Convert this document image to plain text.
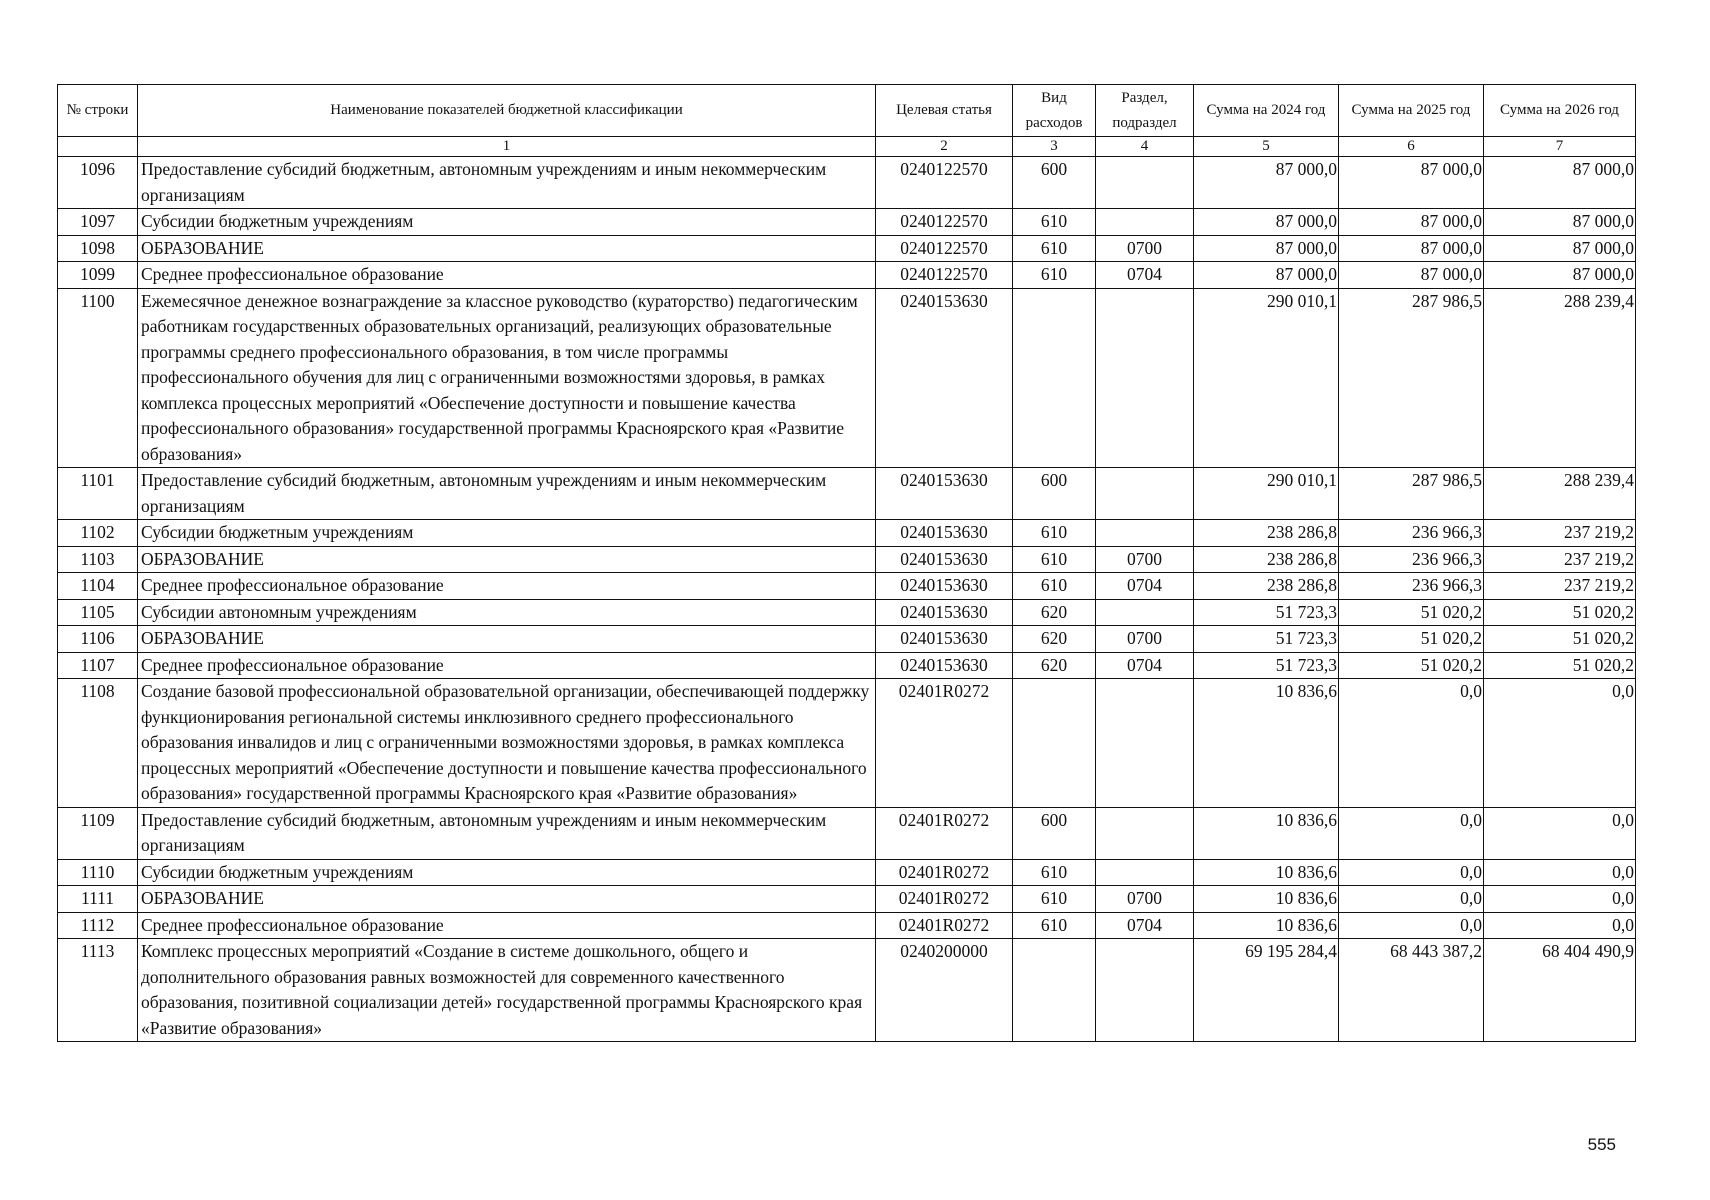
№ строки	Наименование показателей бюджетной классификации	Целевая статья	Вид расходов	Раздел, подраздел	Сумма на 2024 год	Сумма на 2025 год	Сумма на 2026 год
	1	2	3	4	5	6	7
1096	Предоставление субсидий бюджетным, автономным учреждениям и иным некоммерческим организациям	0240122570	600		87 000,0	87 000,0	87 000,0
1097	Субсидии бюджетным учреждениям	0240122570	610		87 000,0	87 000,0	87 000,0
1098	ОБРАЗОВАНИЕ	0240122570	610	0700	87 000,0	87 000,0	87 000,0
1099	Среднее профессиональное образование	0240122570	610	0704	87 000,0	87 000,0	87 000,0
1100	Ежемесячное денежное вознаграждение за классное руководство (кураторство) педагогическим работникам государственных образовательных организаций, реализующих образовательные программы среднего профессионального образования, в том числе программы профессионального обучения для лиц с ограниченными возможностями здоровья, в рамках комплекса процессных мероприятий «Обеспечение доступности и повышение качества профессионального образования» государственной программы Красноярского края «Развитие образования»	0240153630			290 010,1	287 986,5	288 239,4
1101	Предоставление субсидий бюджетным, автономным учреждениям и иным некоммерческим организациям	0240153630	600		290 010,1	287 986,5	288 239,4
1102	Субсидии бюджетным учреждениям	0240153630	610		238 286,8	236 966,3	237 219,2
1103	ОБРАЗОВАНИЕ	0240153630	610	0700	238 286,8	236 966,3	237 219,2
1104	Среднее профессиональное образование	0240153630	610	0704	238 286,8	236 966,3	237 219,2
1105	Субсидии автономным учреждениям	0240153630	620		51 723,3	51 020,2	51 020,2
1106	ОБРАЗОВАНИЕ	0240153630	620	0700	51 723,3	51 020,2	51 020,2
1107	Среднее профессиональное образование	0240153630	620	0704	51 723,3	51 020,2	51 020,2
1108	Создание базовой профессиональной образовательной организации, обеспечивающей поддержку функционирования региональной системы инклюзивного среднего профессионального образования инвалидов и лиц с ограниченными возможностями здоровья, в рамках комплекса процессных мероприятий «Обеспечение доступности и повышение качества профессионального образования» государственной программы Красноярского края «Развитие образования»	02401R0272			10 836,6	0,0	0,0
1109	Предоставление субсидий бюджетным, автономным учреждениям и иным некоммерческим организациям	02401R0272	600		10 836,6	0,0	0,0
1110	Субсидии бюджетным учреждениям	02401R0272	610		10 836,6	0,0	0,0
1111	ОБРАЗОВАНИЕ	02401R0272	610	0700	10 836,6	0,0	0,0
1112	Среднее профессиональное образование	02401R0272	610	0704	10 836,6	0,0	0,0
1113	Комплекс процессных мероприятий «Создание в системе дошкольного, общего и дополнительного образования равных возможностей для современного качественного образования, позитивной социализации детей» государственной программы Красноярского края «Развитие образования»	0240200000			69 195 284,4	68 443 387,2	68 404 490,9
555
